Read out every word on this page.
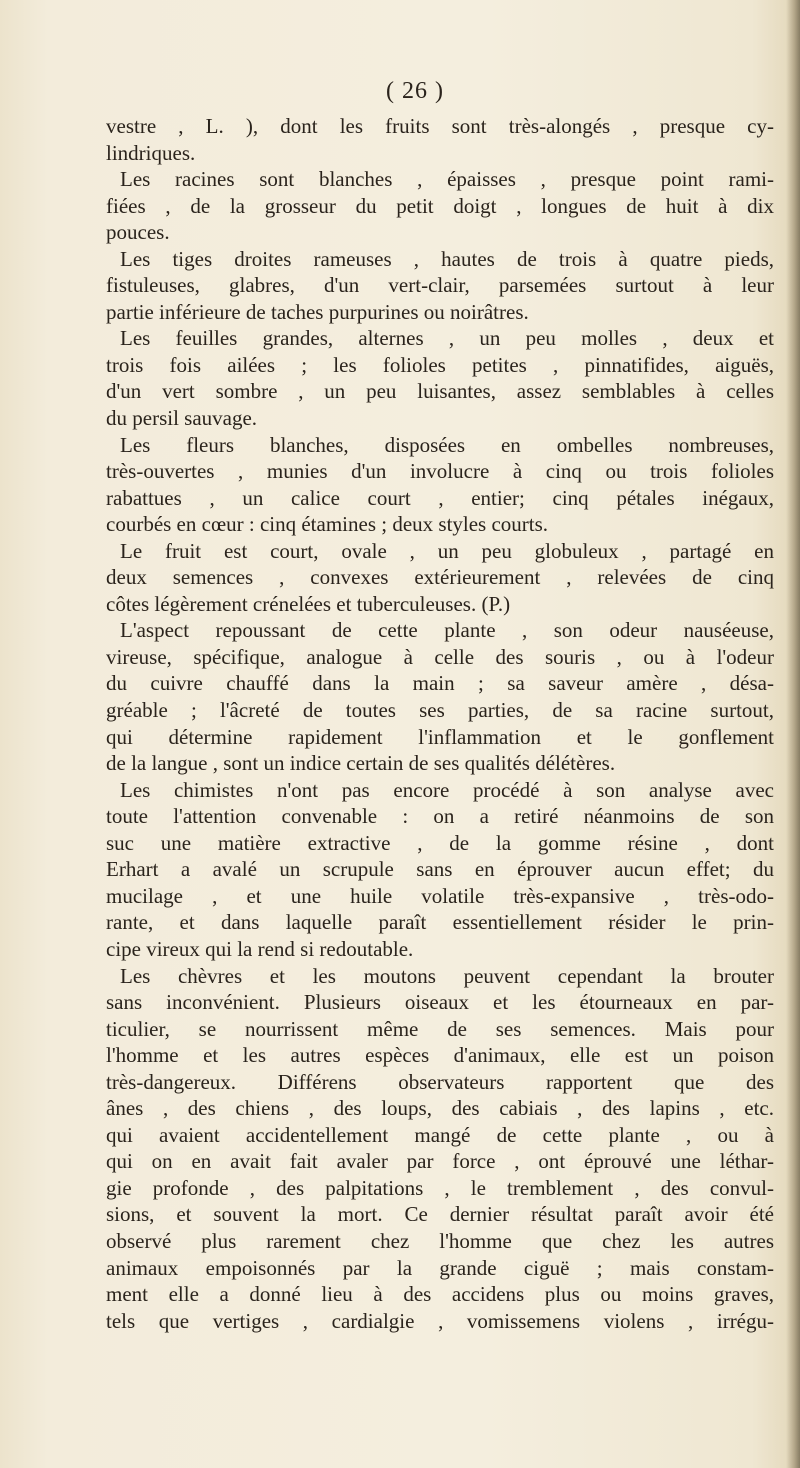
( 26 )
vestre , L. ), dont les fruits sont très-alongés , presque cy-
lindriques.
Les racines sont blanches , épaisses , presque point rami-
fiées , de la grosseur du petit doigt , longues de huit à dix
pouces.
Les tiges droites rameuses , hautes de trois à quatre pieds,
fistuleuses, glabres, d'un vert-clair, parsemées surtout à leur
partie inférieure de taches purpurines ou noirâtres.
Les feuilles grandes, alternes , un peu molles , deux et
trois fois ailées ; les folioles petites , pinnatifides, aiguës,
d'un vert sombre , un peu luisantes, assez semblables à celles
du persil sauvage.
Les fleurs blanches, disposées en ombelles nombreuses,
très-ouvertes , munies d'un involucre à cinq ou trois folioles
rabattues , un calice court , entier; cinq pétales inégaux,
courbés en cœur : cinq étamines ; deux styles courts.
Le fruit est court, ovale , un peu globuleux , partagé en
deux semences , convexes extérieurement , relevées de cinq
côtes légèrement crénelées et tuberculeuses. (P.)
L'aspect repoussant de cette plante , son odeur nauséeuse,
vireuse, spécifique, analogue à celle des souris , ou à l'odeur
du cuivre chauffé dans la main ; sa saveur amère , désa-
gréable ; l'âcreté de toutes ses parties, de sa racine surtout,
qui détermine rapidement l'inflammation et le gonflement
de la langue , sont un indice certain de ses qualités délétères.
Les chimistes n'ont pas encore procédé à son analyse avec
toute l'attention convenable : on a retiré néanmoins de son
suc une matière extractive , de la gomme résine , dont
Erhart a avalé un scrupule sans en éprouver aucun effet; du
mucilage , et une huile volatile très-expansive , très-odo-
rante, et dans laquelle paraît essentiellement résider le prin-
cipe vireux qui la rend si redoutable.
Les chèvres et les moutons peuvent cependant la brouter
sans inconvénient. Plusieurs oiseaux et les étourneaux en par-
ticulier, se nourrissent même de ses semences. Mais pour
l'homme et les autres espèces d'animaux, elle est un poison
très-dangereux. Différens observateurs rapportent que des
ânes , des chiens , des loups, des cabiais , des lapins , etc.
qui avaient accidentellement mangé de cette plante , ou à
qui on en avait fait avaler par force , ont éprouvé une léthar-
gie profonde , des palpitations , le tremblement , des convul-
sions, et souvent la mort. Ce dernier résultat paraît avoir été
observé plus rarement chez l'homme que chez les autres
animaux empoisonnés par la grande ciguë ; mais constam-
ment elle a donné lieu à des accidens plus ou moins graves,
tels que vertiges , cardialgie , vomissemens violens , irrégu-
